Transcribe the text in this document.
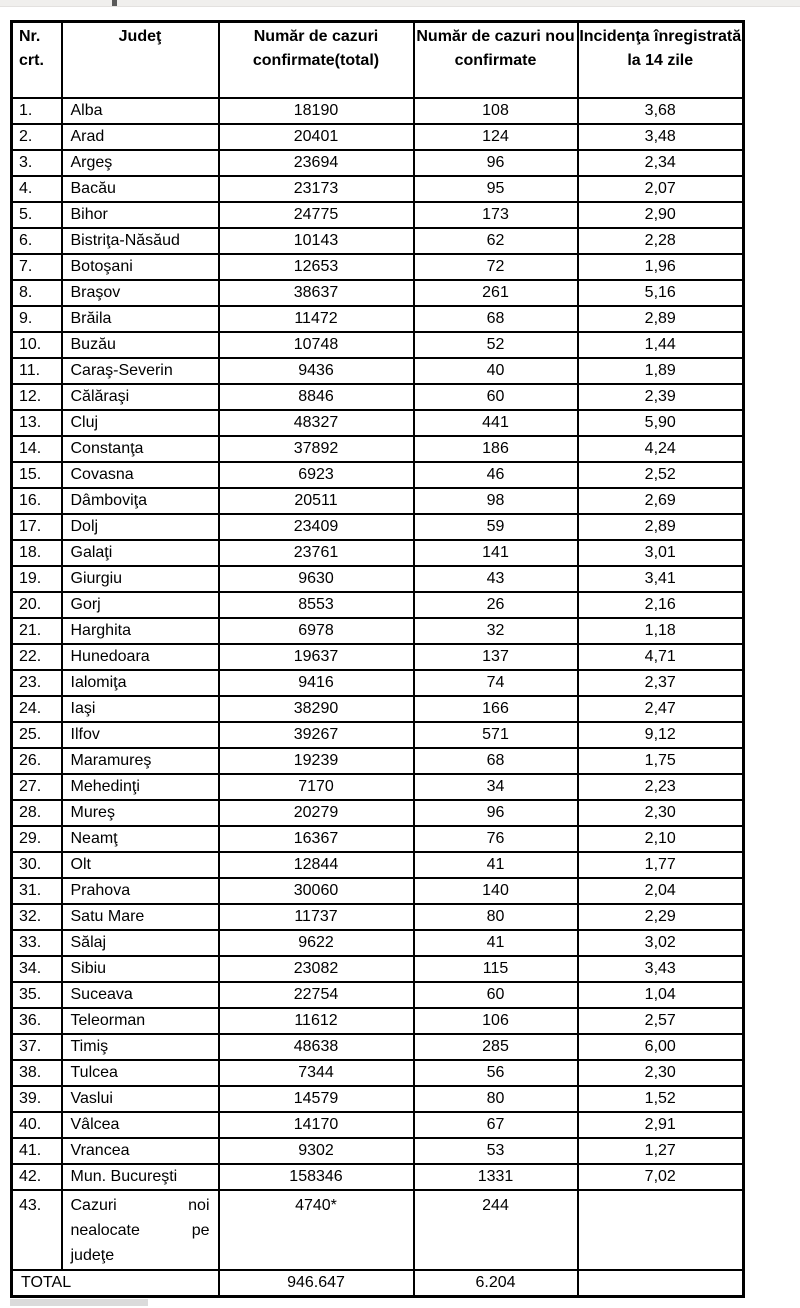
Nr. crt.	Judeţ	Număr de cazuri confirmate(total)	Număr de cazuri nou confirmate	Incidenţa înregistrată la 14 zile
1.	Alba	18190	108	3,68
2.	Arad	20401	124	3,48
3.	Argeş	23694	96	2,34
4.	Bacău	23173	95	2,07
5.	Bihor	24775	173	2,90
6.	Bistriţa-Năsăud	10143	62	2,28
7.	Botoşani	12653	72	1,96
8.	Braşov	38637	261	5,16
9.	Brăila	11472	68	2,89
10.	Buzău	10748	52	1,44
11.	Caraş-Severin	9436	40	1,89
12.	Călăraşi	8846	60	2,39
13.	Cluj	48327	441	5,90
14.	Constanţa	37892	186	4,24
15.	Covasna	6923	46	2,52
16.	Dâmboviţa	20511	98	2,69
17.	Dolj	23409	59	2,89
18.	Galaţi	23761	141	3,01
19.	Giurgiu	9630	43	3,41
20.	Gorj	8553	26	2,16
21.	Harghita	6978	32	1,18
22.	Hunedoara	19637	137	4,71
23.	Ialomiţa	9416	74	2,37
24.	Iaşi	38290	166	2,47
25.	Ilfov	39267	571	9,12
26.	Maramureş	19239	68	1,75
27.	Mehedinţi	7170	34	2,23
28.	Mureş	20279	96	2,30
29.	Neamţ	16367	76	2,10
30.	Olt	12844	41	1,77
31.	Prahova	30060	140	2,04
32.	Satu Mare	11737	80	2,29
33.	Sălaj	9622	41	3,02
34.	Sibiu	23082	115	3,43
35.	Suceava	22754	60	1,04
36.	Teleorman	11612	106	2,57
37.	Timiş	48638	285	6,00
38.	Tulcea	7344	56	2,30
39.	Vaslui	14579	80	1,52
40.	Vâlcea	14170	67	2,91
41.	Vrancea	9302	53	1,27
42.	Mun. Bucureşti	158346	1331	7,02
43.	Cazuri noi
nealocate pe
judeţe	4740*	244	
TOTAL		946.647	6.204	
